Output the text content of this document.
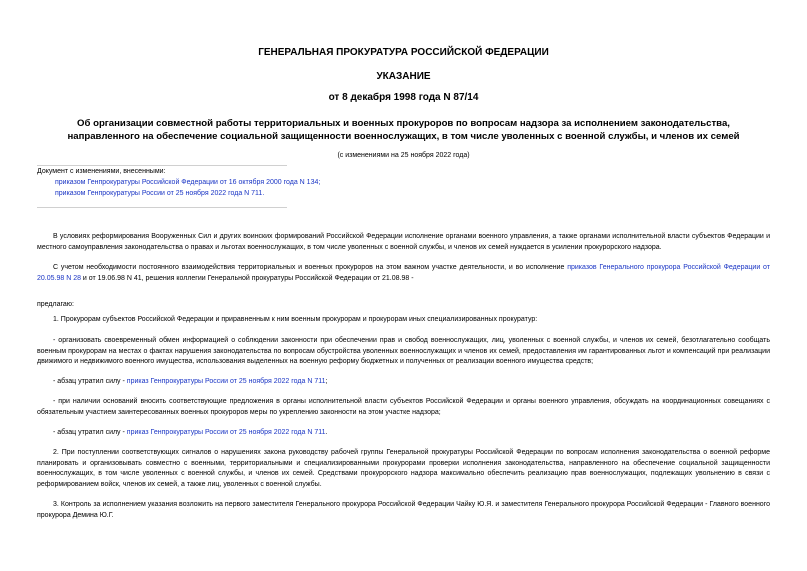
ГЕНЕРАЛЬНАЯ ПРОКУРАТУРА РОССИЙСКОЙ ФЕДЕРАЦИИ
УКАЗАНИЕ
от 8 декабря 1998 года N 87/14
Об организации совместной работы территориальных и военных прокуроров по вопросам надзора за исполнением законодательства, направленного на обеспечение социальной защищенности военнослужащих, в том числе уволенных с военной службы, и членов их семей
(с изменениями на 25 ноября 2022 года)
Документ с изменениями, внесенными:
приказом Генпрокуратуры Российской Федерации от 16 октября 2000 года N 134;
приказом Генпрокуратуры России от 25 ноября 2022 года N 711.
В условиях реформирования Вооруженных Сил и других воинских формирований Российской Федерации исполнение органами военного управления, а также органами исполнительной власти субъектов Федерации и местного самоуправления законодательства о правах и льготах военнослужащих, в том числе уволенных с военной службы, и членов их семей нуждается в усилении прокурорского надзора.
С учетом необходимости постоянного взаимодействия территориальных и военных прокуроров на этом важном участке деятельности, и во исполнение приказов Генерального прокурора Российской Федерации от 20.05.98 N 28 и от 19.06.98 N 41, решения коллегии Генеральной прокуратуры Российской Федерации от 21.08.98 -
предлагаю:
1. Прокурорам субъектов Российской Федерации и приравненным к ним военным прокурорам и прокурорам иных специализированных прокуратур:
- организовать своевременный обмен информацией о соблюдении законности при обеспечении прав и свобод военнослужащих, лиц, уволенных с военной службы, и членов их семей, безотлагательно сообщать военным прокурорам на местах о фактах нарушения законодательства по вопросам обустройства уволенных военнослужащих и членов их семей, предоставления им гарантированных льгот и компенсаций при реализации движимого и недвижимого военного имущества, использования выделенных на военную реформу бюджетных и полученных от реализации военного имущества средств;
- абзац утратил силу - приказ Генпрокуратуры России от 25 ноября 2022 года N 711;
- при наличии оснований вносить соответствующие предложения в органы исполнительной власти субъектов Российской Федерации и органы военного управления, обсуждать на координационных совещаниях с обязательным участием заинтересованных военных прокуроров меры по укреплению законности на этом участке надзора;
- абзац утратил силу - приказ Генпрокуратуры России от 25 ноября 2022 года N 711.
2. При поступлении соответствующих сигналов о нарушениях закона руководству рабочей группы Генеральной прокуратуры Российской Федерации по вопросам исполнения законодательства о военной реформе планировать и организовывать совместно с военными, территориальными и специализированными прокурорами проверки исполнения законодательства, направленного на обеспечение социальной защищенности военнослужащих, в том числе уволенных с военной службы, и членов их семей. Средствами прокурорского надзора максимально обеспечить реализацию прав военнослужащих, подлежащих увольнению в связи с реформированием войск, членов их семей, а также лиц, уволенных с военной службы.
3. Контроль за исполнением указания возложить на первого заместителя Генерального прокурора Российской Федерации Чайку Ю.Я. и заместителя Генерального прокурора Российской Федерации - Главного военного прокурора Демина Ю.Г.
